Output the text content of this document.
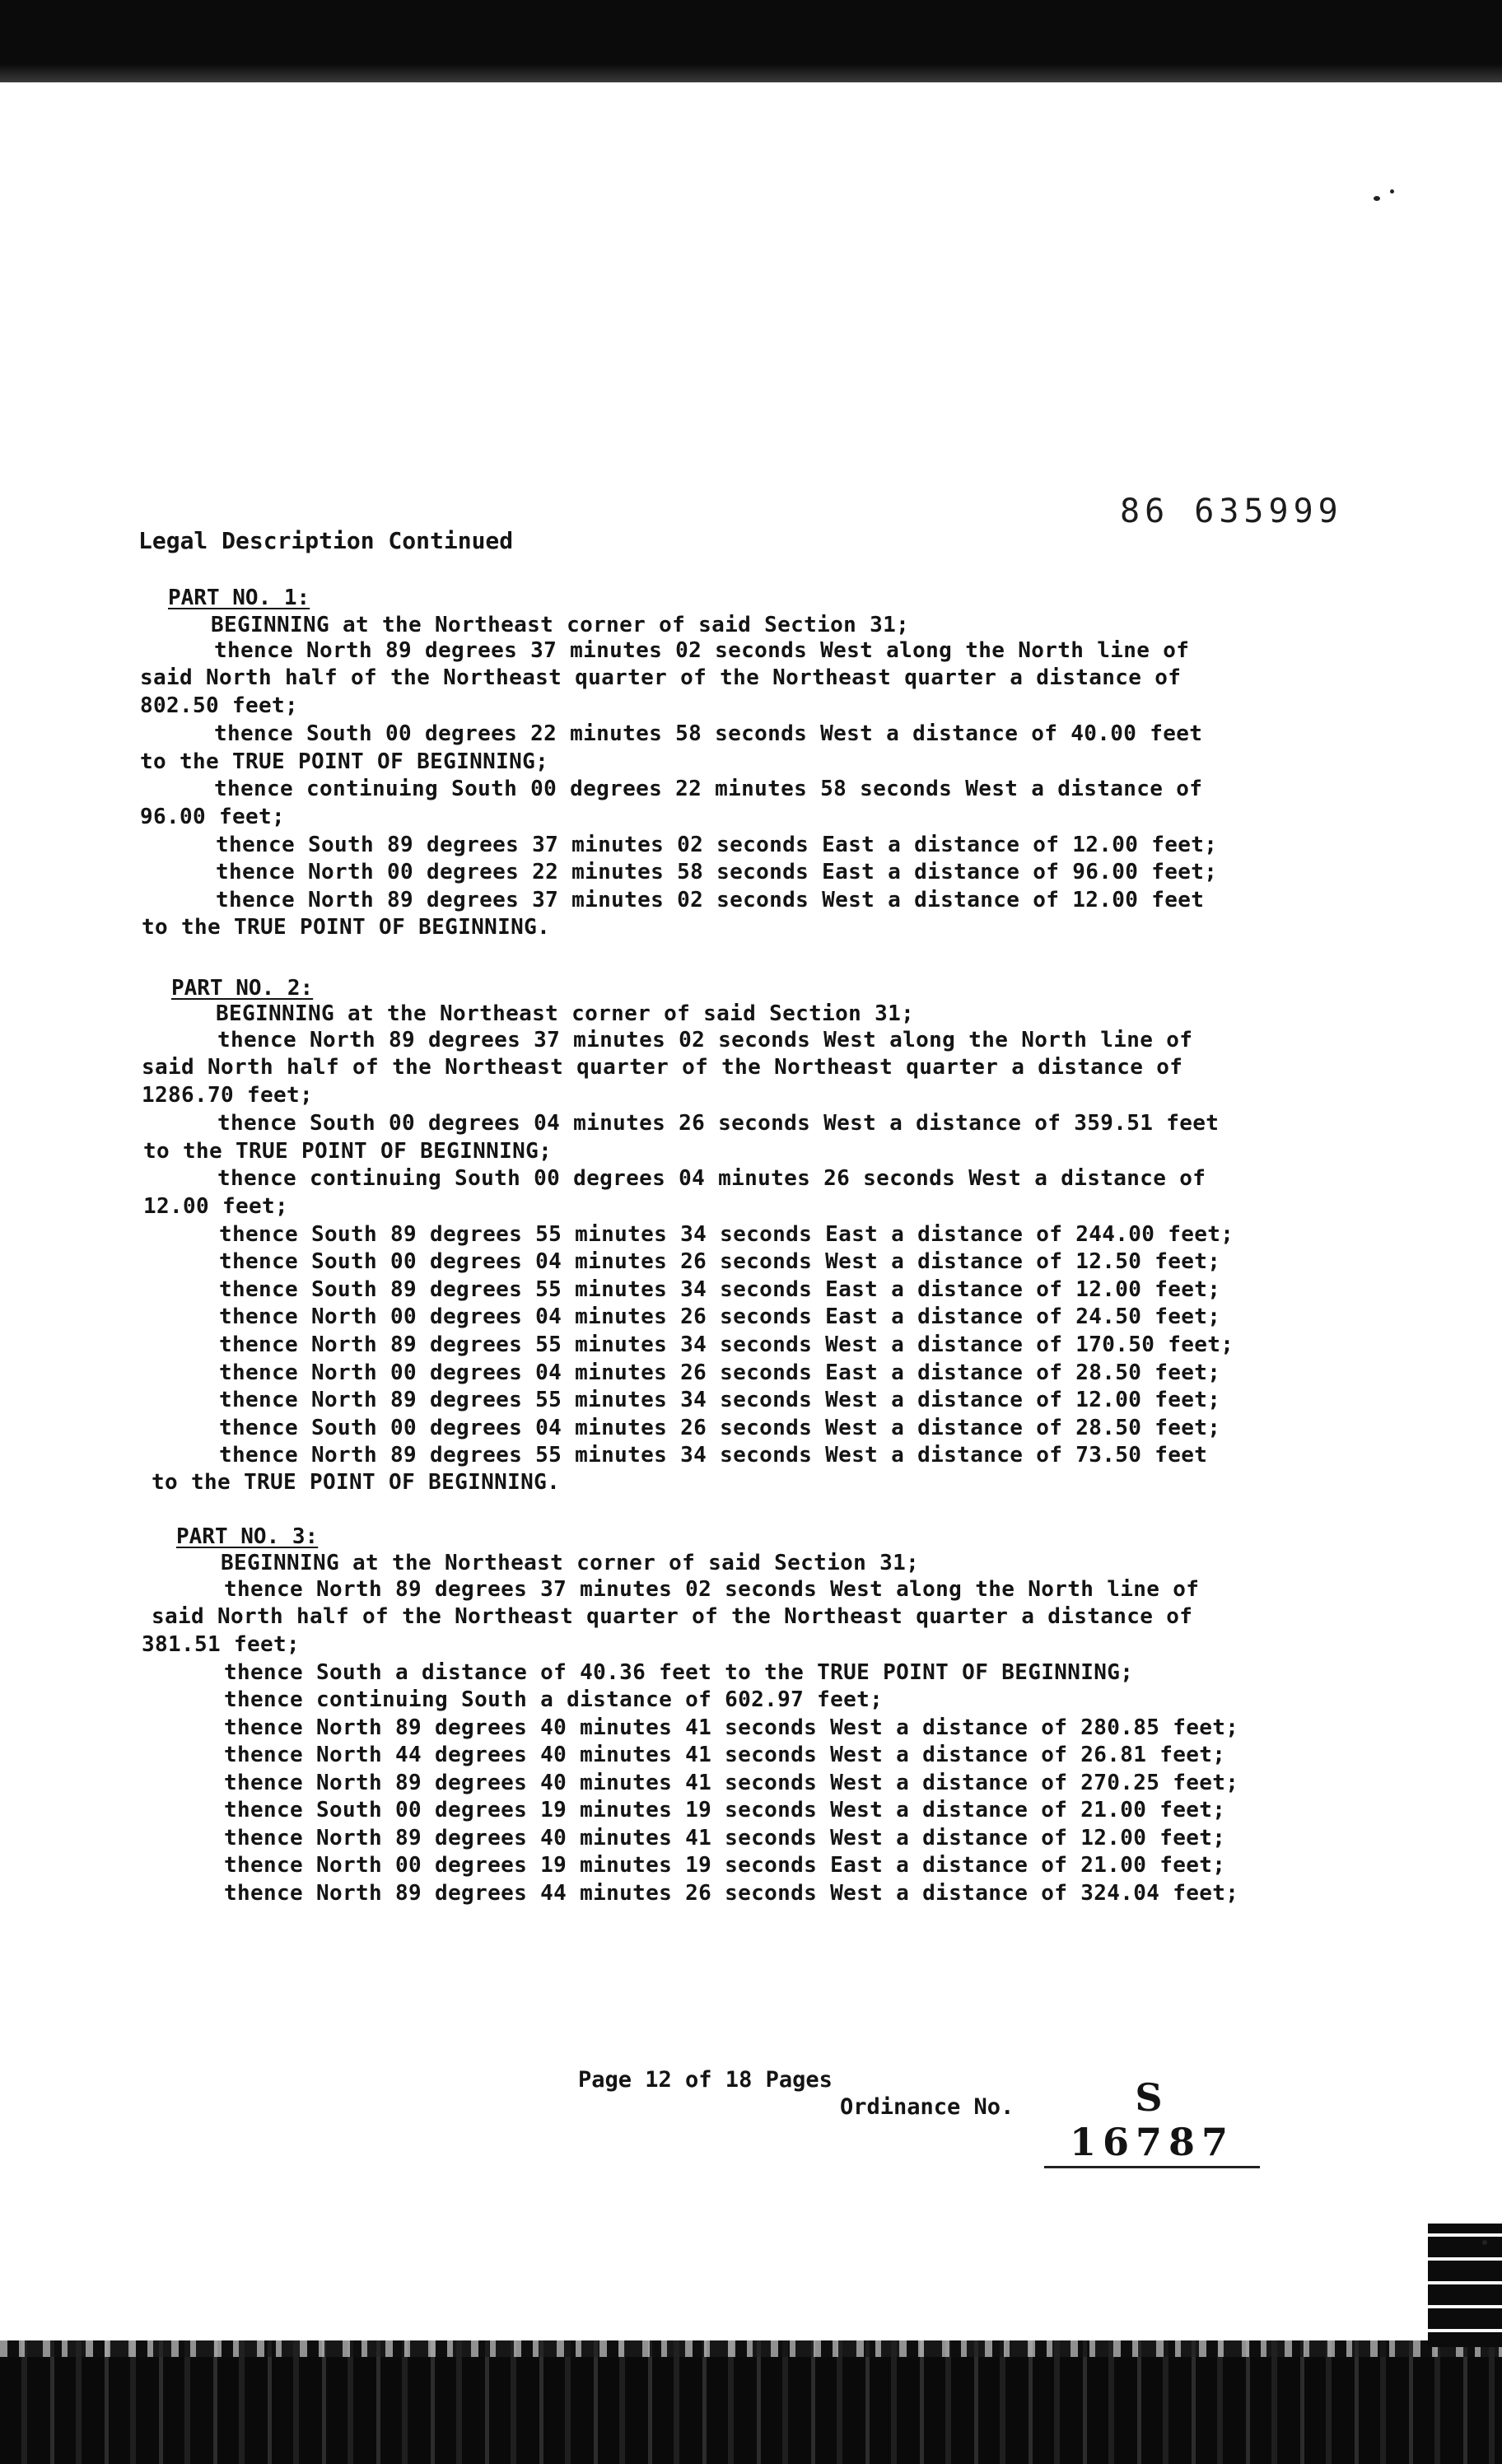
86 635999
Legal Description Continued
PART NO. 1:
BEGINNING at the Northeast corner of said Section 31;
thence North 89 degrees 37 minutes 02 seconds West along the North line of
said North half of the Northeast quarter of the Northeast quarter a distance of
802.50 feet;
thence South 00 degrees 22 minutes 58 seconds West a distance of 40.00 feet
to the TRUE POINT OF BEGINNING;
thence continuing South 00 degrees 22 minutes 58 seconds West a distance of
96.00 feet;
thence South 89 degrees 37 minutes 02 seconds East a distance of 12.00 feet;
thence North 00 degrees 22 minutes 58 seconds East a distance of 96.00 feet;
thence North 89 degrees 37 minutes 02 seconds West a distance of 12.00 feet
to the TRUE POINT OF BEGINNING.
PART NO. 2:
BEGINNING at the Northeast corner of said Section 31;
thence North 89 degrees 37 minutes 02 seconds West along the North line of
said North half of the Northeast quarter of the Northeast quarter a distance of
1286.70 feet;
thence South 00 degrees 04 minutes 26 seconds West a distance of 359.51 feet
to the TRUE POINT OF BEGINNING;
thence continuing South 00 degrees 04 minutes 26 seconds West a distance of
12.00 feet;
thence South 89 degrees 55 minutes 34 seconds East a distance of 244.00 feet;
thence South 00 degrees 04 minutes 26 seconds West a distance of 12.50 feet;
thence South 89 degrees 55 minutes 34 seconds East a distance of 12.00 feet;
thence North 00 degrees 04 minutes 26 seconds East a distance of 24.50 feet;
thence North 89 degrees 55 minutes 34 seconds West a distance of 170.50 feet;
thence North 00 degrees 04 minutes 26 seconds East a distance of 28.50 feet;
thence North 89 degrees 55 minutes 34 seconds West a distance of 12.00 feet;
thence South 00 degrees 04 minutes 26 seconds West a distance of 28.50 feet;
thence North 89 degrees 55 minutes 34 seconds West a distance of 73.50 feet
to the TRUE POINT OF BEGINNING.
PART NO. 3:
BEGINNING at the Northeast corner of said Section 31;
thence North 89 degrees 37 minutes 02 seconds West along the North line of
said North half of the Northeast quarter of the Northeast quarter a distance of
381.51 feet;
thence South a distance of 40.36 feet to the TRUE POINT OF BEGINNING;
thence continuing South a distance of 602.97 feet;
thence North 89 degrees 40 minutes 41 seconds West a distance of 280.85 feet;
thence North 44 degrees 40 minutes 41 seconds West a distance of 26.81 feet;
thence North 89 degrees 40 minutes 41 seconds West a distance of 270.25 feet;
thence South 00 degrees 19 minutes 19 seconds West a distance of 21.00 feet;
thence North 89 degrees 40 minutes 41 seconds West a distance of 12.00 feet;
thence North 00 degrees 19 minutes 19 seconds East a distance of 21.00 feet;
thence North 89 degrees 44 minutes 26 seconds West a distance of 324.04 feet;
Page 12 of 18 Pages
Ordinance No.	S 16787
